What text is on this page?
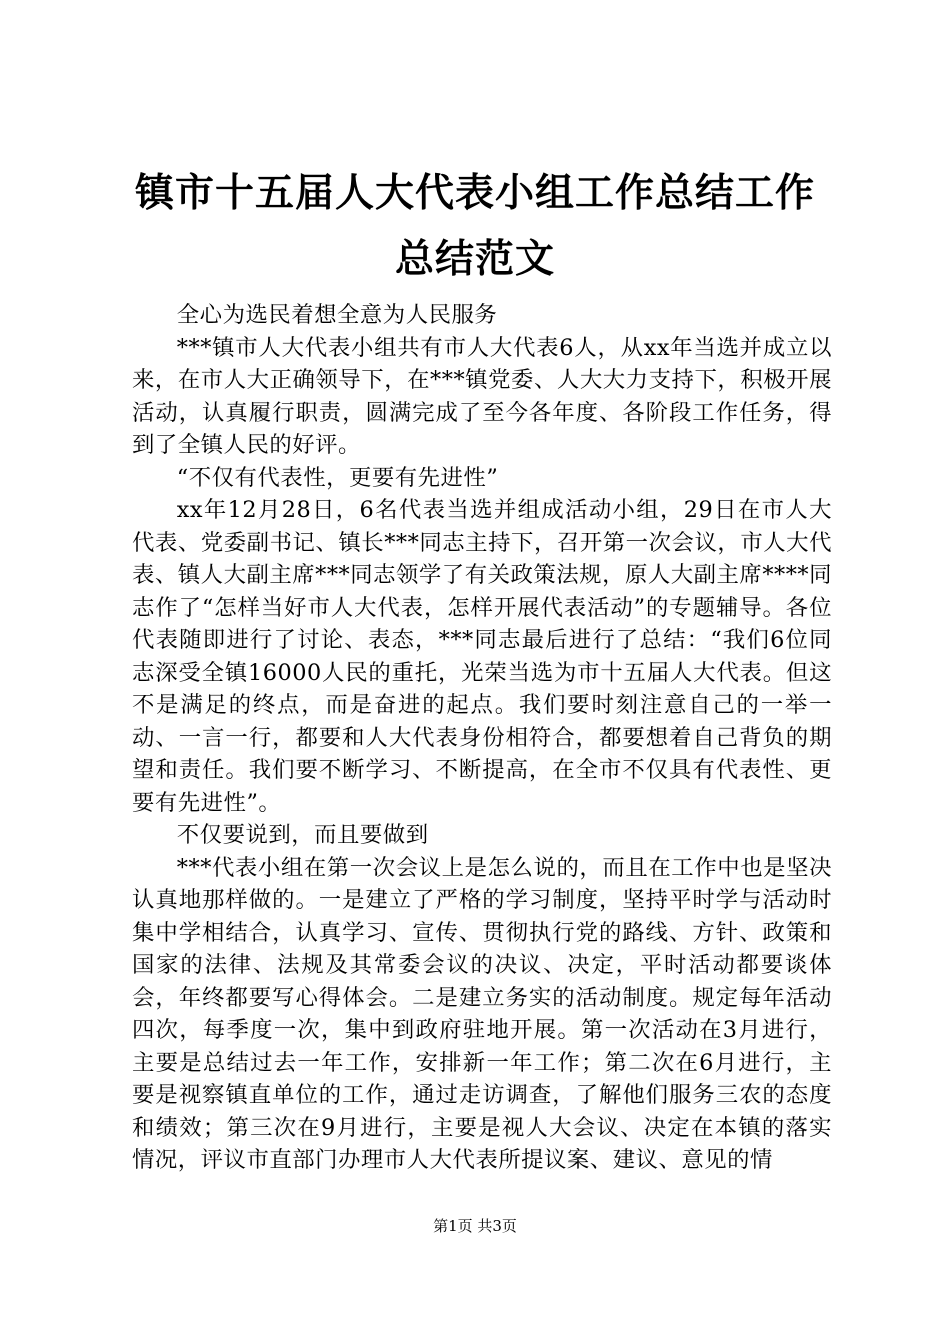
镇市十五届人大代表小组工作总结工作总结范文

全心为选民着想全意为人民服务

***镇市人大代表小组共有市人大代表6人，从xx年当选并成立以来，在市人大正确领导下，在***镇党委、人大大力支持下，积极开展活动，认真履行职责，圆满完成了至今各年度、各阶段工作任务，得到了全镇人民的好评。

“不仅有代表性，更要有先进性”

xx年12月28日，6名代表当选并组成活动小组，29日在市人大代表、党委副书记、镇长***同志主持下，召开第一次会议，市人大代表、镇人大副主席***同志领学了有关政策法规，原人大副主席****同志作了“怎样当好市人大代表，怎样开展代表活动”的专题辅导。各位代表随即进行了讨论、表态，***同志最后进行了总结：“我们6位同志深受全镇16000人民的重托，光荣当选为市十五届人大代表。但这不是满足的终点，而是奋进的起点。我们要时刻注意自己的一举一动、一言一行，都要和人大代表身份相符合，都要想着自己背负的期望和责任。我们要不断学习、不断提高，在全市不仅具有代表性、更要有先进性”。

不仅要说到，而且要做到

***代表小组在第一次会议上是怎么说的，而且在工作中也是坚决认真地那样做的。一是建立了严格的学习制度，坚持平时学与活动时集中学相结合，认真学习、宣传、贯彻执行党的路线、方针、政策和国家的法律、法规及其常委会议的决议、决定，平时活动都要谈体会，年终都要写心得体会。二是建立务实的活动制度。规定每年活动四次，每季度一次，集中到政府驻地开展。第一次活动在3月进行，主要是总结过去一年工作，安排新一年工作；第二次在6月进行，主要是视察镇直单位的工作，通过走访调查，了解他们服务三农的态度和绩效；第三次在9月进行，主要是视人大会议、决定在本镇的落实情况，评议市直部门办理市人大代表所提议案、建议、意见的情

第1页 共3页
